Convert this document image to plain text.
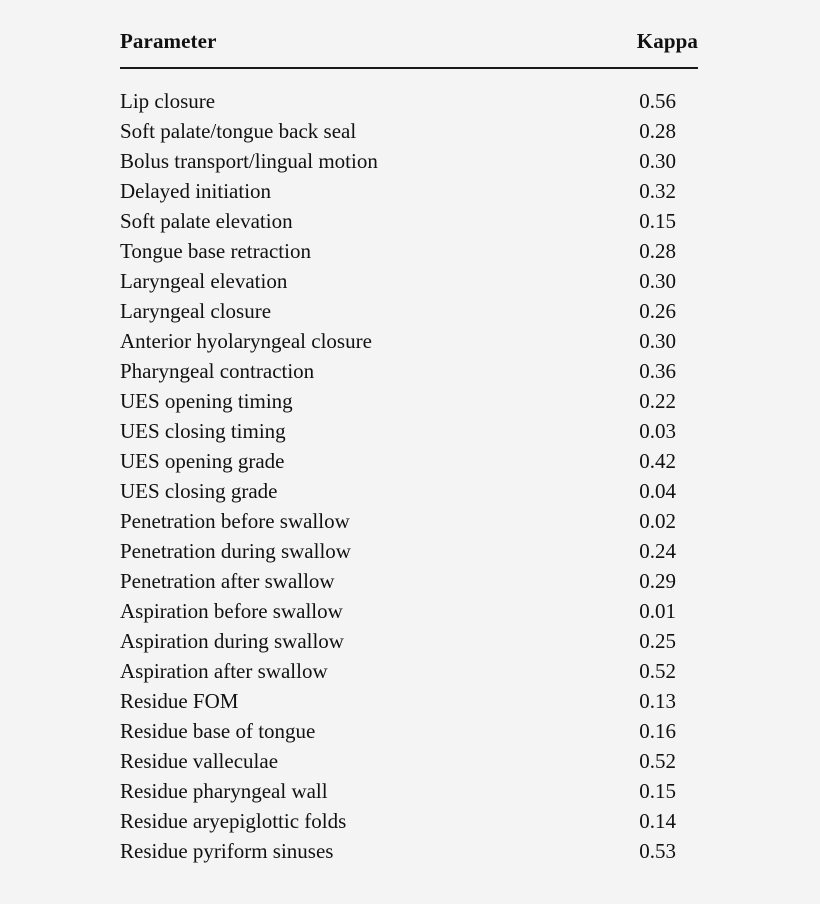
Parameter	Kappa
Lip closure	0.56
Soft palate/tongue back seal	0.28
Bolus transport/lingual motion	0.30
Delayed initiation	0.32
Soft palate elevation	0.15
Tongue base retraction	0.28
Laryngeal elevation	0.30
Laryngeal closure	0.26
Anterior hyolaryngeal closure	0.30
Pharyngeal contraction	0.36
UES opening timing	0.22
UES closing timing	0.03
UES opening grade	0.42
UES closing grade	0.04
Penetration before swallow	0.02
Penetration during swallow	0.24
Penetration after swallow	0.29
Aspiration before swallow	0.01
Aspiration during swallow	0.25
Aspiration after swallow	0.52
Residue FOM	0.13
Residue base of tongue	0.16
Residue valleculae	0.52
Residue pharyngeal wall	0.15
Residue aryepiglottic folds	0.14
Residue pyriform sinuses	0.53
